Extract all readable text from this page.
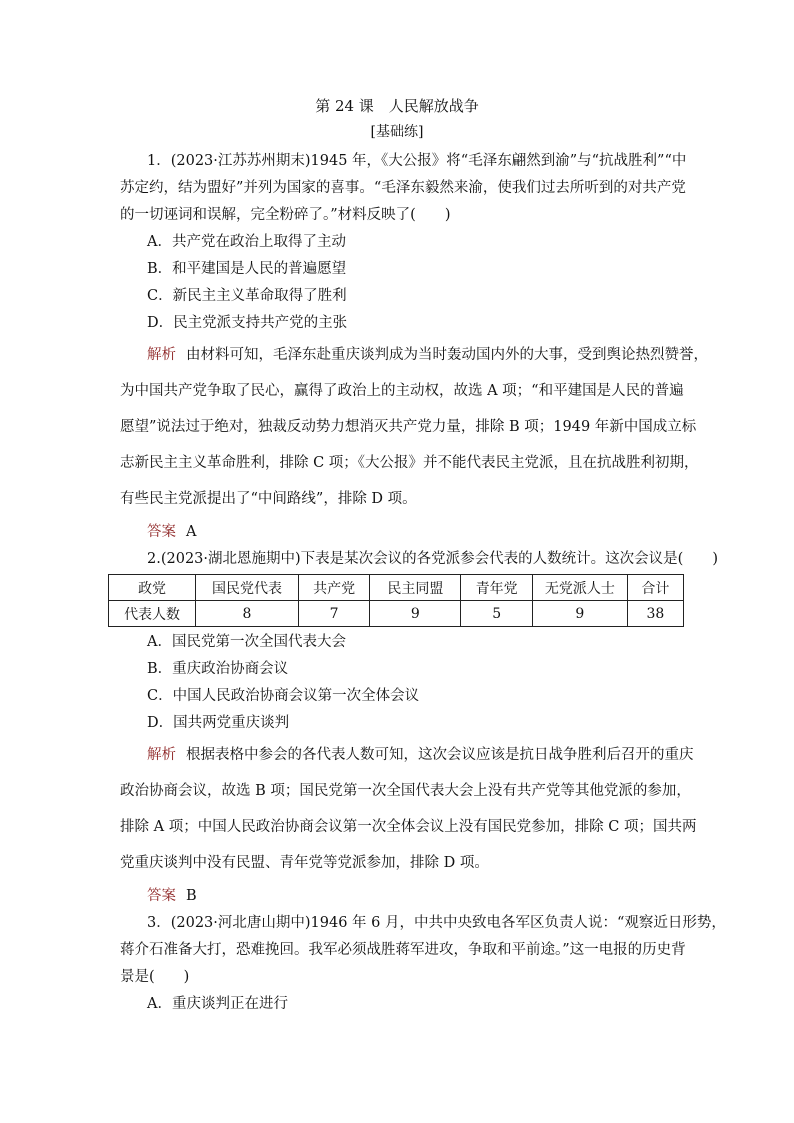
第 24 课　人民解放战争
[基础练]
1．(2023·江苏苏州期末)1945 年，《大公报》将“毛泽东翩然到渝”与“抗战胜利”“中
苏定约，结为盟好”并列为国家的喜事。“毛泽东毅然来渝，使我们过去所听到的对共产党
的一切诬词和误解，完全粉碎了。”材料反映了(　　)
A．共产党在政治上取得了主动
B．和平建国是人民的普遍愿望
C．新民主主义革命取得了胜利
D．民主党派支持共产党的主张
解析 由材料可知，毛泽东赴重庆谈判成为当时轰动国内外的大事，受到舆论热烈赞誉，
为中国共产党争取了民心，赢得了政治上的主动权，故选 A 项；“和平建国是人民的普遍
愿望”说法过于绝对，独裁反动势力想消灭共产党力量，排除 B 项；1949 年新中国成立标
志新民主主义革命胜利，排除 C 项；《大公报》并不能代表民主党派，且在抗战胜利初期，
有些民主党派提出了“中间路线”，排除 D 项。
答案 A
2.(2023·湖北恩施期中)下表是某次会议的各党派参会代表的人数统计。这次会议是(　　)
政党	国民党代表	共产党	民主同盟	青年党	无党派人士	合计
代表人数	8	7	9	5	9	38
A．国民党第一次全国代表大会
B．重庆政治协商会议
C．中国人民政治协商会议第一次全体会议
D．国共两党重庆谈判
解析 根据表格中参会的各代表人数可知，这次会议应该是抗日战争胜利后召开的重庆
政治协商会议，故选 B 项；国民党第一次全国代表大会上没有共产党等其他党派的参加，
排除 A 项；中国人民政治协商会议第一次全体会议上没有国民党参加，排除 C 项；国共两
党重庆谈判中没有民盟、青年党等党派参加，排除 D 项。
答案 B
3．(2023·河北唐山期中)1946 年 6 月，中共中央致电各军区负责人说：“观察近日形势，
蒋介石准备大打，恐难挽回。我军必须战胜蒋军进攻，争取和平前途。”这一电报的历史背
景是(　　)
A．重庆谈判正在进行
